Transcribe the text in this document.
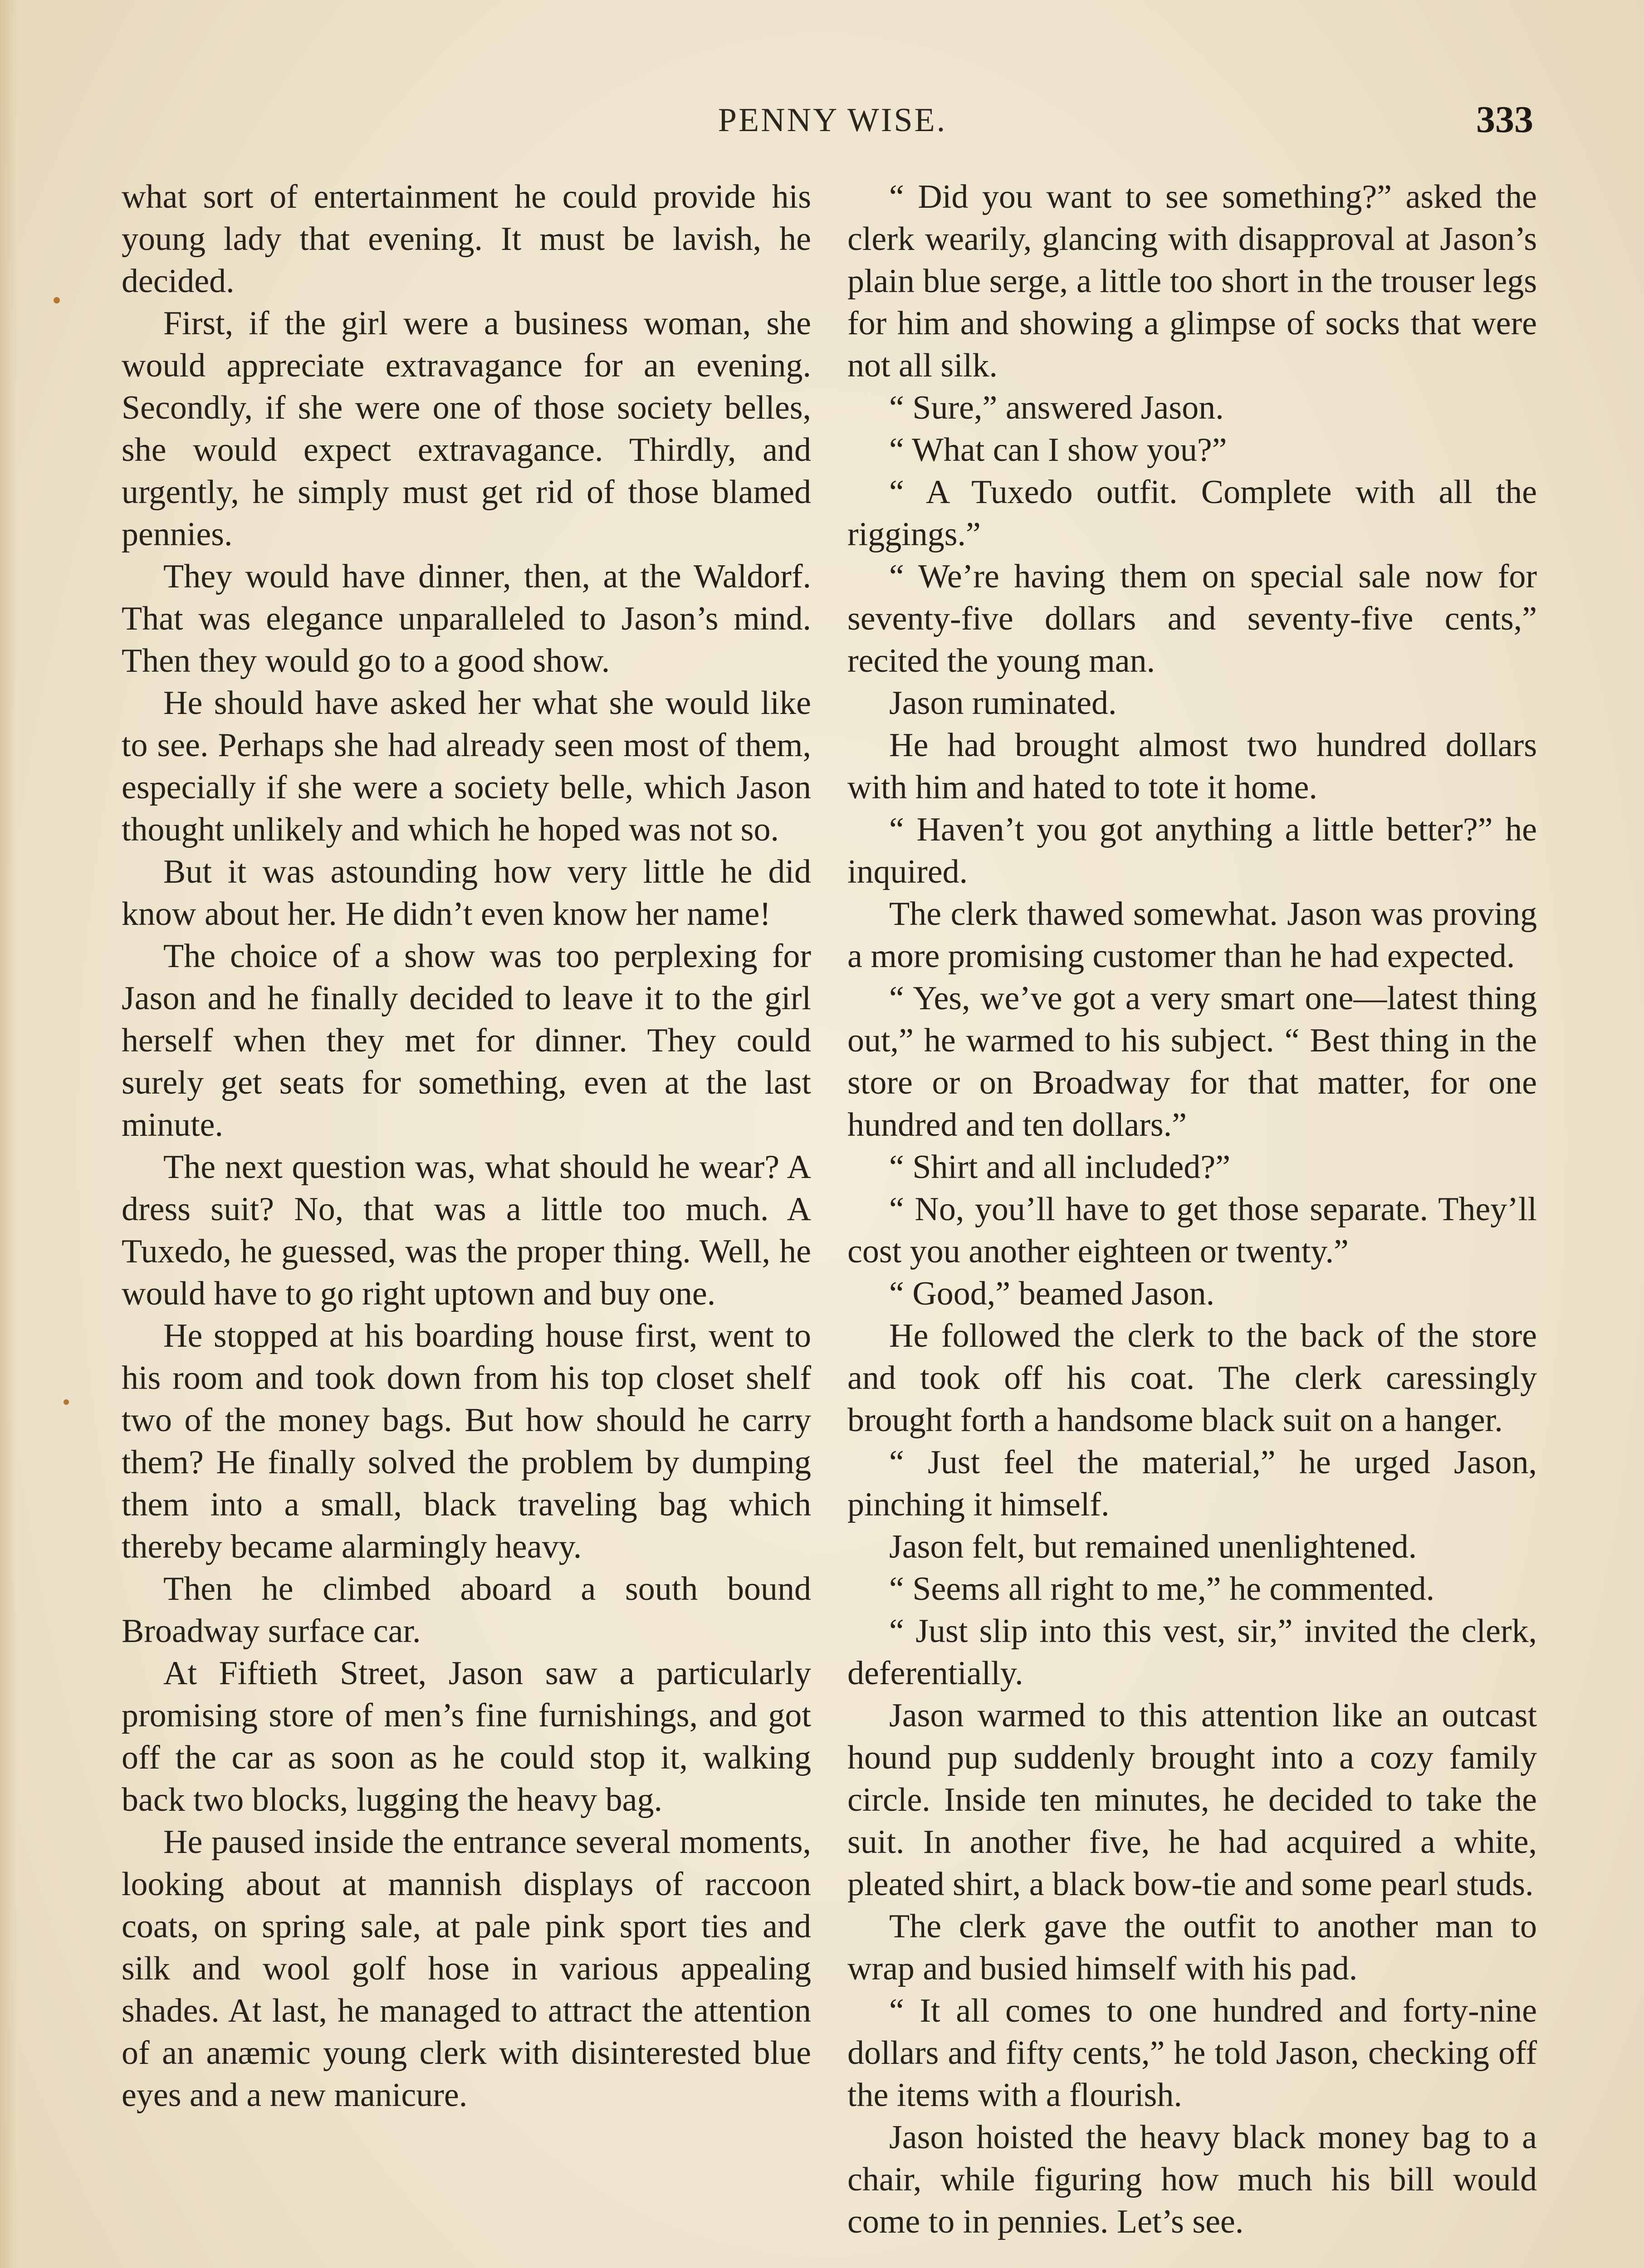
PENNY WISE.	333

what sort of entertainment he could provide his young lady that evening. It must be lavish, he decided.

First, if the girl were a business woman, she would appreciate extravagance for an evening. Secondly, if she were one of those society belles, she would expect extravagance. Thirdly, and urgently, he simply must get rid of those blamed pennies.

They would have dinner, then, at the Waldorf. That was elegance unparalleled to Jason’s mind. Then they would go to a good show.

He should have asked her what she would like to see. Perhaps she had already seen most of them, especially if she were a society belle, which Jason thought unlikely and which he hoped was not so.

But it was astounding how very little he did know about her. He didn’t even know her name!

The choice of a show was too perplexing for Jason and he finally decided to leave it to the girl herself when they met for dinner. They could surely get seats for something, even at the last minute.

The next question was, what should he wear? A dress suit? No, that was a little too much. A Tuxedo, he guessed, was the proper thing. Well, he would have to go right uptown and buy one.

He stopped at his boarding house first, went to his room and took down from his top closet shelf two of the money bags. But how should he carry them? He finally solved the problem by dumping them into a small, black traveling bag which thereby became alarmingly heavy.

Then he climbed aboard a south bound Broadway surface car.

At Fiftieth Street, Jason saw a particularly promising store of men’s fine furnishings, and got off the car as soon as he could stop it, walking back two blocks, lugging the heavy bag.

He paused inside the entrance several moments, looking about at mannish displays of raccoon coats, on spring sale, at pale pink sport ties and silk and wool golf hose in various appealing shades. At last, he managed to attract the attention of an anæmic young clerk with disinterested blue eyes and a new manicure.

“ Did you want to see something?” asked the clerk wearily, glancing with disapproval at Jason’s plain blue serge, a little too short in the trouser legs for him and showing a glimpse of socks that were not all silk.

“ Sure,” answered Jason.

“ What can I show you?”

“ A Tuxedo outfit. Complete with all the riggings.”

“ We’re having them on special sale now for seventy-five dollars and seventy-five cents,” recited the young man.

Jason ruminated.

He had brought almost two hundred dollars with him and hated to tote it home.

“ Haven’t you got anything a little better?” he inquired.

The clerk thawed somewhat. Jason was proving a more promising customer than he had expected.

“ Yes, we’ve got a very smart one—latest thing out,” he warmed to his subject. “ Best thing in the store or on Broadway for that matter, for one hundred and ten dollars.”

“ Shirt and all included?”

“ No, you’ll have to get those separate. They’ll cost you another eighteen or twenty.”

“ Good,” beamed Jason.

He followed the clerk to the back of the store and took off his coat. The clerk caressingly brought forth a handsome black suit on a hanger.

“ Just feel the material,” he urged Jason, pinching it himself.

Jason felt, but remained unenlightened.

“ Seems all right to me,” he commented.

“ Just slip into this vest, sir,” invited the clerk, deferentially.

Jason warmed to this attention like an outcast hound pup suddenly brought into a cozy family circle. Inside ten minutes, he decided to take the suit. In another five, he had acquired a white, pleated shirt, a black bow-tie and some pearl studs.

The clerk gave the outfit to another man to wrap and busied himself with his pad.

“ It all comes to one hundred and forty-nine dollars and fifty cents,” he told Jason, checking off the items with a flourish.

Jason hoisted the heavy black money bag to a chair, while figuring how much his bill would come to in pennies. Let’s see.
